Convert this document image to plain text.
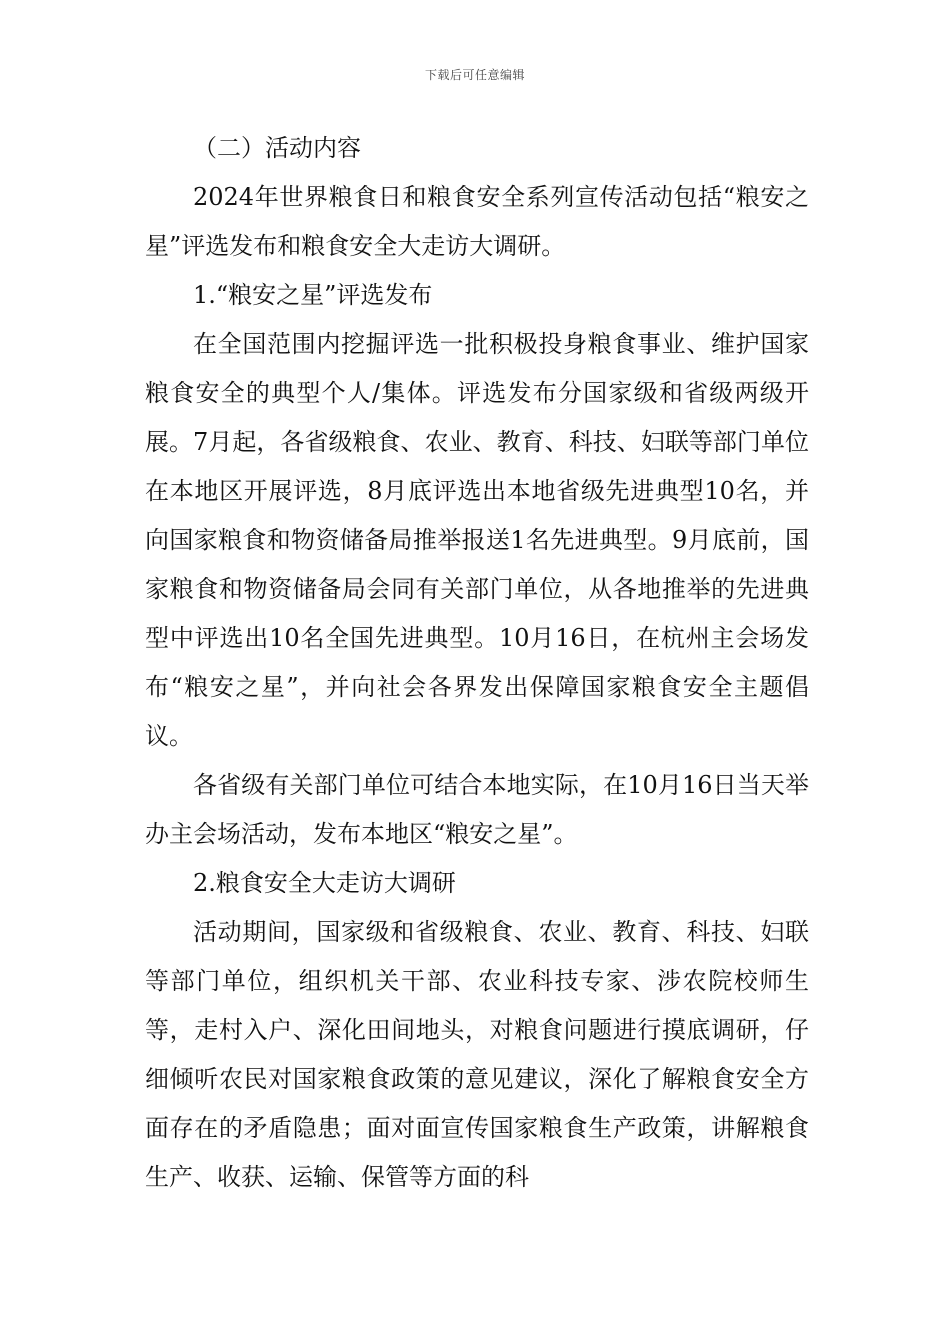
下载后可任意编辑

（二）活动内容

2024年世界粮食日和粮食安全系列宣传活动包括“粮安之星”评选发布和粮食安全大走访大调研。

1.“粮安之星”评选发布

在全国范围内挖掘评选一批积极投身粮食事业、维护国家粮食安全的典型个人/集体。评选发布分国家级和省级两级开展。7月起，各省级粮食、农业、教育、科技、妇联等部门单位在本地区开展评选，8月底评选出本地省级先进典型10名，并向国家粮食和物资储备局推举报送1名先进典型。9月底前，国家粮食和物资储备局会同有关部门单位，从各地推举的先进典型中评选出10名全国先进典型。10月16日，在杭州主会场发布“粮安之星”，并向社会各界发出保障国家粮食安全主题倡议。

各省级有关部门单位可结合本地实际，在10月16日当天举办主会场活动，发布本地区“粮安之星”。

2.粮食安全大走访大调研

活动期间，国家级和省级粮食、农业、教育、科技、妇联等部门单位，组织机关干部、农业科技专家、涉农院校师生等，走村入户、深化田间地头，对粮食问题进行摸底调研，仔细倾听农民对国家粮食政策的意见建议，深化了解粮食安全方面存在的矛盾隐患；面对面宣传国家粮食生产政策，讲解粮食生产、收获、运输、保管等方面的科
